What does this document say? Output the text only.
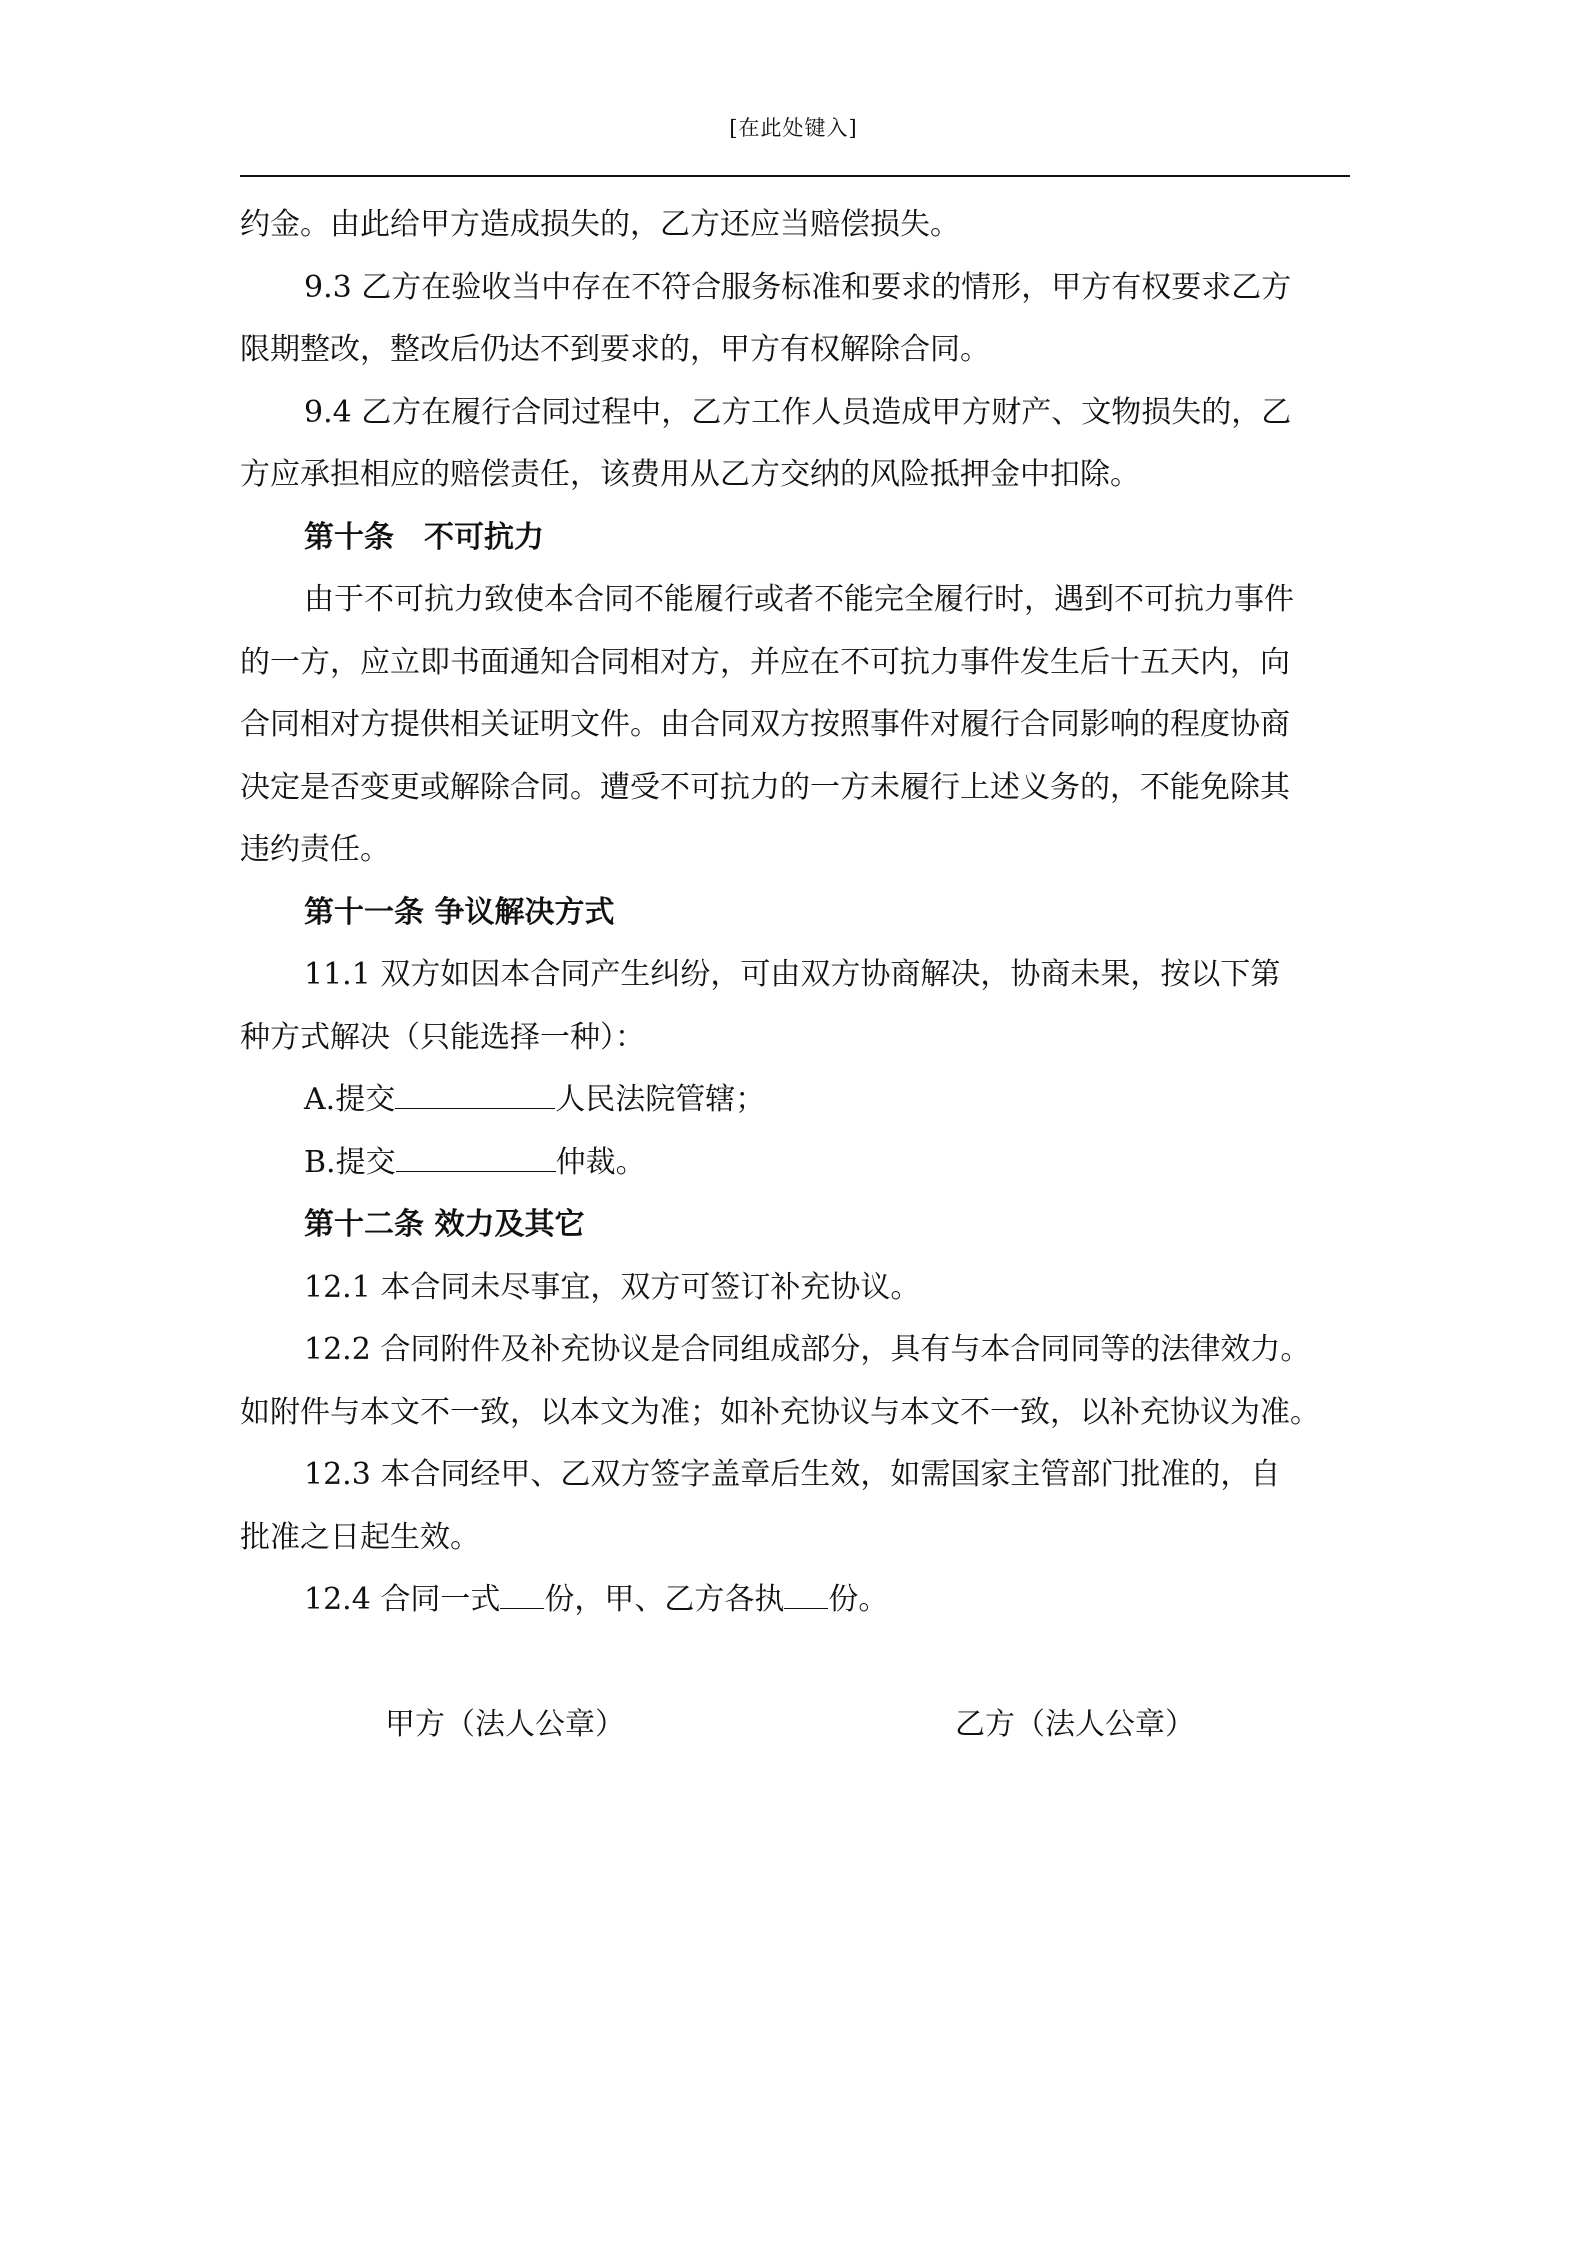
[在此处键入]

约金。由此给甲方造成损失的，乙方还应当赔偿损失。

9.3 乙方在验收当中存在不符合服务标准和要求的情形，甲方有权要求乙方

限期整改，整改后仍达不到要求的，甲方有权解除合同。

9.4 乙方在履行合同过程中，乙方工作人员造成甲方财产、文物损失的，乙

方应承担相应的赔偿责任，该费用从乙方交纳的风险抵押金中扣除。

第十条 不可抗力

由于不可抗力致使本合同不能履行或者不能完全履行时，遇到不可抗力事件

的一方，应立即书面通知合同相对方，并应在不可抗力事件发生后十五天内，向

合同相对方提供相关证明文件。由合同双方按照事件对履行合同影响的程度协商

决定是否变更或解除合同。遭受不可抗力的一方未履行上述义务的，不能免除其

违约责任。

第十一条 争议解决方式

11.1 双方如因本合同产生纠纷，可由双方协商解决，协商未果，按以下第

种方式解决（只能选择一种）：

A.提交	人民法院管辖；

B.提交	仲裁。

第十二条 效力及其它

12.1 本合同未尽事宜，双方可签订补充协议。

12.2 合同附件及补充协议是合同组成部分，具有与本合同同等的法律效力。

如附件与本文不一致，以本文为准；如补充协议与本文不一致，以补充协议为准。

12.3 本合同经甲、乙双方签字盖章后生效，如需国家主管部门批准的，自

批准之日起生效。

12.4 合同一式 份，甲、乙方各执 份。

甲方（法人公章）	乙方（法人公章）
